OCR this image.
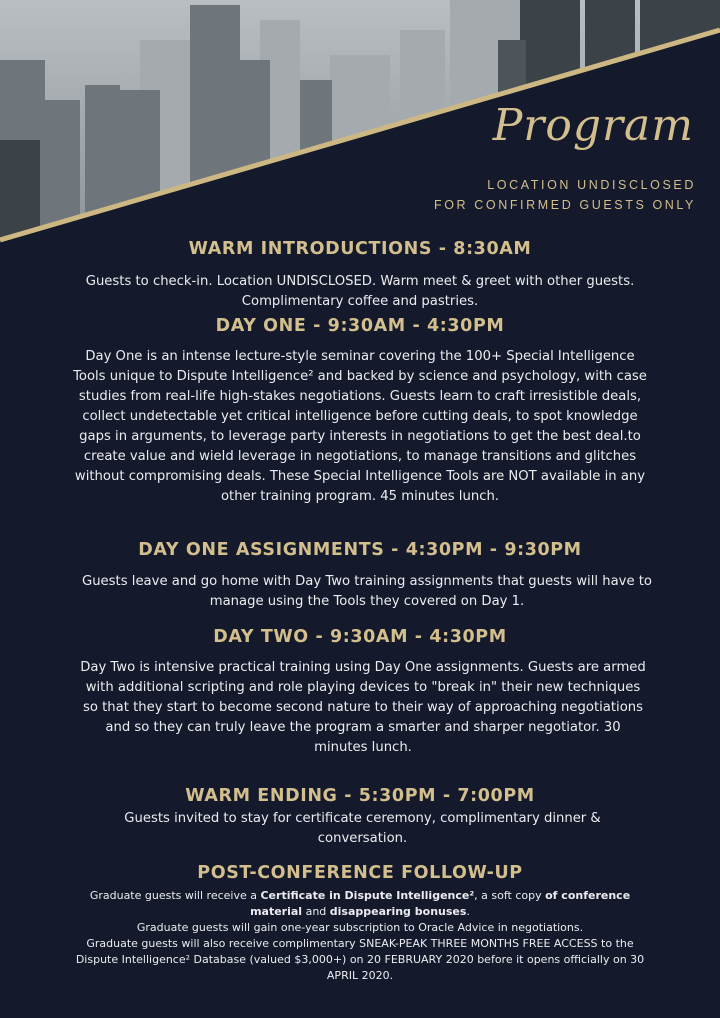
Program

LOCATION UNDISCLOSED

FOR CONFIRMED GUESTS ONLY

WARM INTRODUCTIONS - 8:30AM

Guests to check-in. Location UNDISCLOSED. Warm meet & greet with other guests. Complimentary coffee and pastries.

DAY ONE - 9:30AM - 4:30PM

Day One is an intense lecture-style seminar covering the 100+ Special Intelligence Tools unique to Dispute Intelligence² and backed by science and psychology, with case studies from real-life high-stakes negotiations. Guests learn to craft irresistible deals, collect undetectable yet critical intelligence before cutting deals, to spot knowledge gaps in arguments, to leverage party interests in negotiations to get the best deal.to create value and wield leverage in negotiations, to manage transitions and glitches without compromising deals. These Special Intelligence Tools are NOT available in any other training program. 45 minutes lunch.

DAY ONE ASSIGNMENTS - 4:30PM - 9:30PM

Guests leave and go home with Day Two training assignments that guests will have to manage using the Tools they covered on Day 1.

DAY TWO - 9:30AM - 4:30PM

Day Two is intensive practical training using Day One assignments. Guests are armed with additional scripting and role playing devices to "break in" their new techniques so that they start to become second nature to their way of approaching negotiations and so they can truly leave the program a smarter and sharper negotiator. 30 minutes lunch.

WARM ENDING - 5:30PM - 7:00PM

Guests invited to stay for certificate ceremony, complimentary dinner & conversation.

POST-CONFERENCE FOLLOW-UP

Graduate guests will receive a Certificate in Dispute Intelligence², a soft copy of conference material and disappearing bonuses.

Graduate guests will gain one-year subscription to Oracle Advice in negotiations.

Graduate guests will also receive complimentary SNEAK-PEAK THREE MONTHS FREE ACCESS to the Dispute Intelligence² Database (valued $3,000+) on 20 FEBRUARY 2020 before it opens officially on 30 APRIL 2020.
